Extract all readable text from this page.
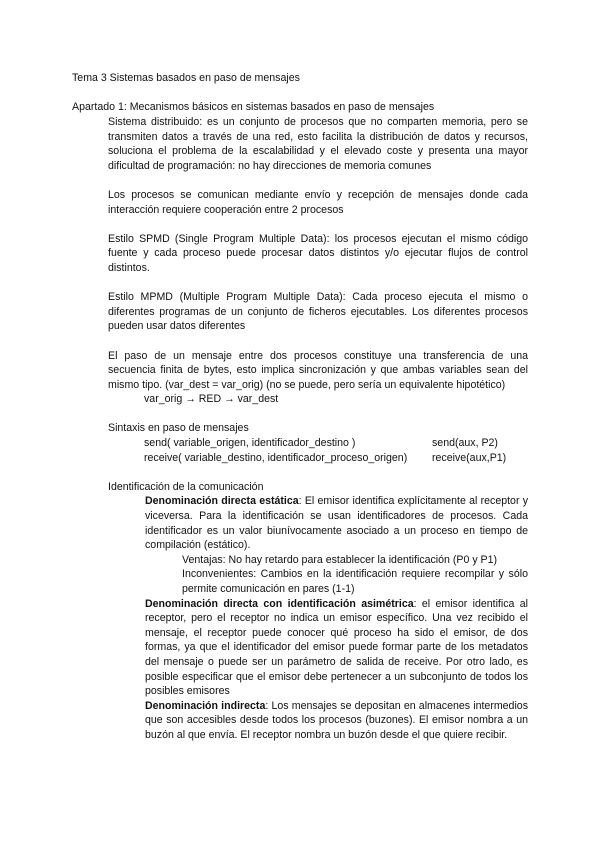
Tema 3 Sistemas basados en paso de mensajes
Apartado 1: Mecanismos básicos en sistemas basados en paso de mensajes

Sistema distribuido: es un conjunto de procesos que no comparten memoria, pero se transmiten datos a través de una red, esto facilita la distribución de datos y recursos, soluciona el problema de la escalabilidad y el elevado coste y presenta una mayor dificultad de programación: no hay direcciones de memoria comunes

Los procesos se comunican mediante envío y recepción de mensajes donde cada interacción requiere cooperación entre 2 procesos

Estilo SPMD (Single Program Multiple Data): los procesos ejecutan el mismo código fuente y cada proceso puede procesar datos distintos y/o ejecutar flujos de control distintos.

Estilo MPMD (Multiple Program Multiple Data): Cada proceso ejecuta el mismo o diferentes programas de un conjunto de ficheros ejecutables. Los diferentes procesos pueden usar datos diferentes

El paso de un mensaje entre dos procesos constituye una transferencia de una secuencia finita de bytes, esto implica sincronización y que ambas variables sean del mismo tipo. (var_dest = var_orig) (no se puede, pero sería un equivalente hipotético)

var_orig → RED → var_dest

Sintaxis en paso de mensajes

send( variable_origen, identificador_destino )	send(aux, P2)
receive( variable_destino, identificador_proceso_origen)	receive(aux,P1)

Identificación de la comunicación

Denominación directa estática: El emisor identifica explícitamente al receptor y viceversa. Para la identificación se usan identificadores de procesos. Cada identificador es un valor biunívocamente asociado a un proceso en tiempo de compilación (estático).

Ventajas: No hay retardo para establecer la identificación (P0 y P1)

Inconvenientes: Cambios en la identificación requiere recompilar y sólo permite comunicación en pares (1-1)

Denominación directa con identificación asimétrica: el emisor identifica al receptor, pero el receptor no indica un emisor específico. Una vez recibido el mensaje, el receptor puede conocer qué proceso ha sido el emisor, de dos formas, ya que el identificador del emisor puede formar parte de los metadatos del mensaje o puede ser un parámetro de salida de receive. Por otro lado, es posible especificar que el emisor debe pertenecer a un subconjunto de todos los posibles emisores

Denominación indirecta: Los mensajes se depositan en almacenes intermedios que son accesibles desde todos los procesos (buzones). El emisor nombra a un buzón al que envía. El receptor nombra un buzón desde el que quiere recibir.
